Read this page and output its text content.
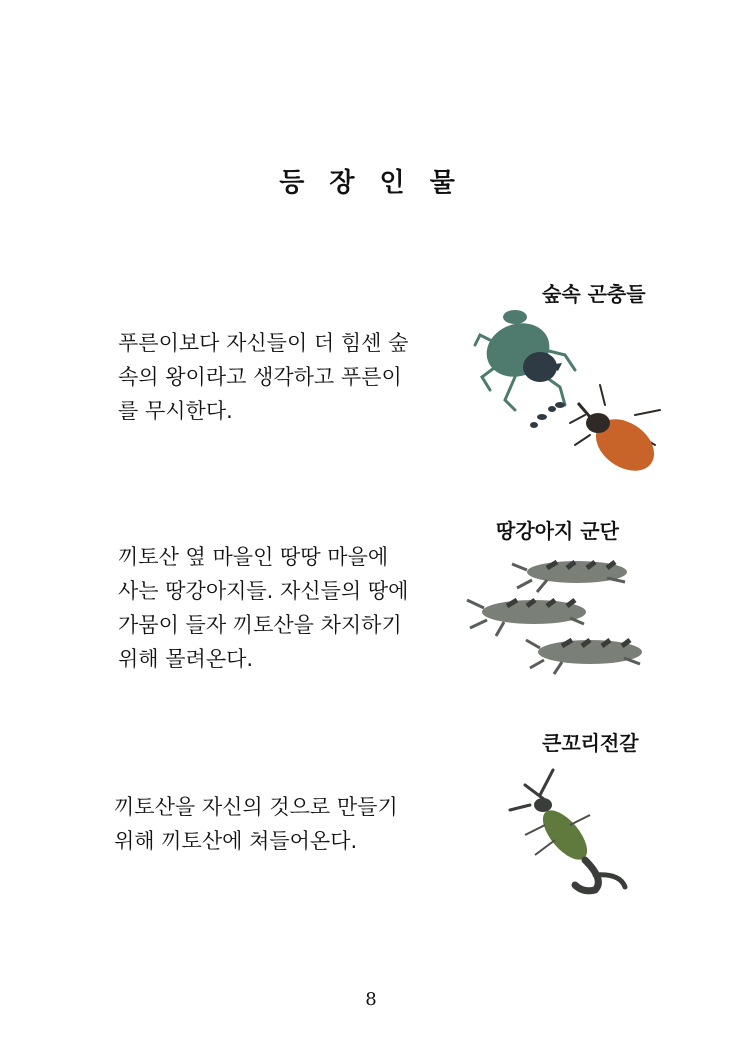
등 장 인 물
숲속 곤충들
푸른이보다 자신들이 더 힘센 숲
속의 왕이라고 생각하고 푸른이
를 무시한다.
땅강아지 군단
끼토산 옆 마을인 땅땅 마을에
사는 땅강아지들. 자신들의 땅에
가뭄이 들자 끼토산을 차지하기
위해 몰려온다.
큰꼬리전갈
끼토산을 자신의 것으로 만들기
위해 끼토산에 쳐들어온다.
8
